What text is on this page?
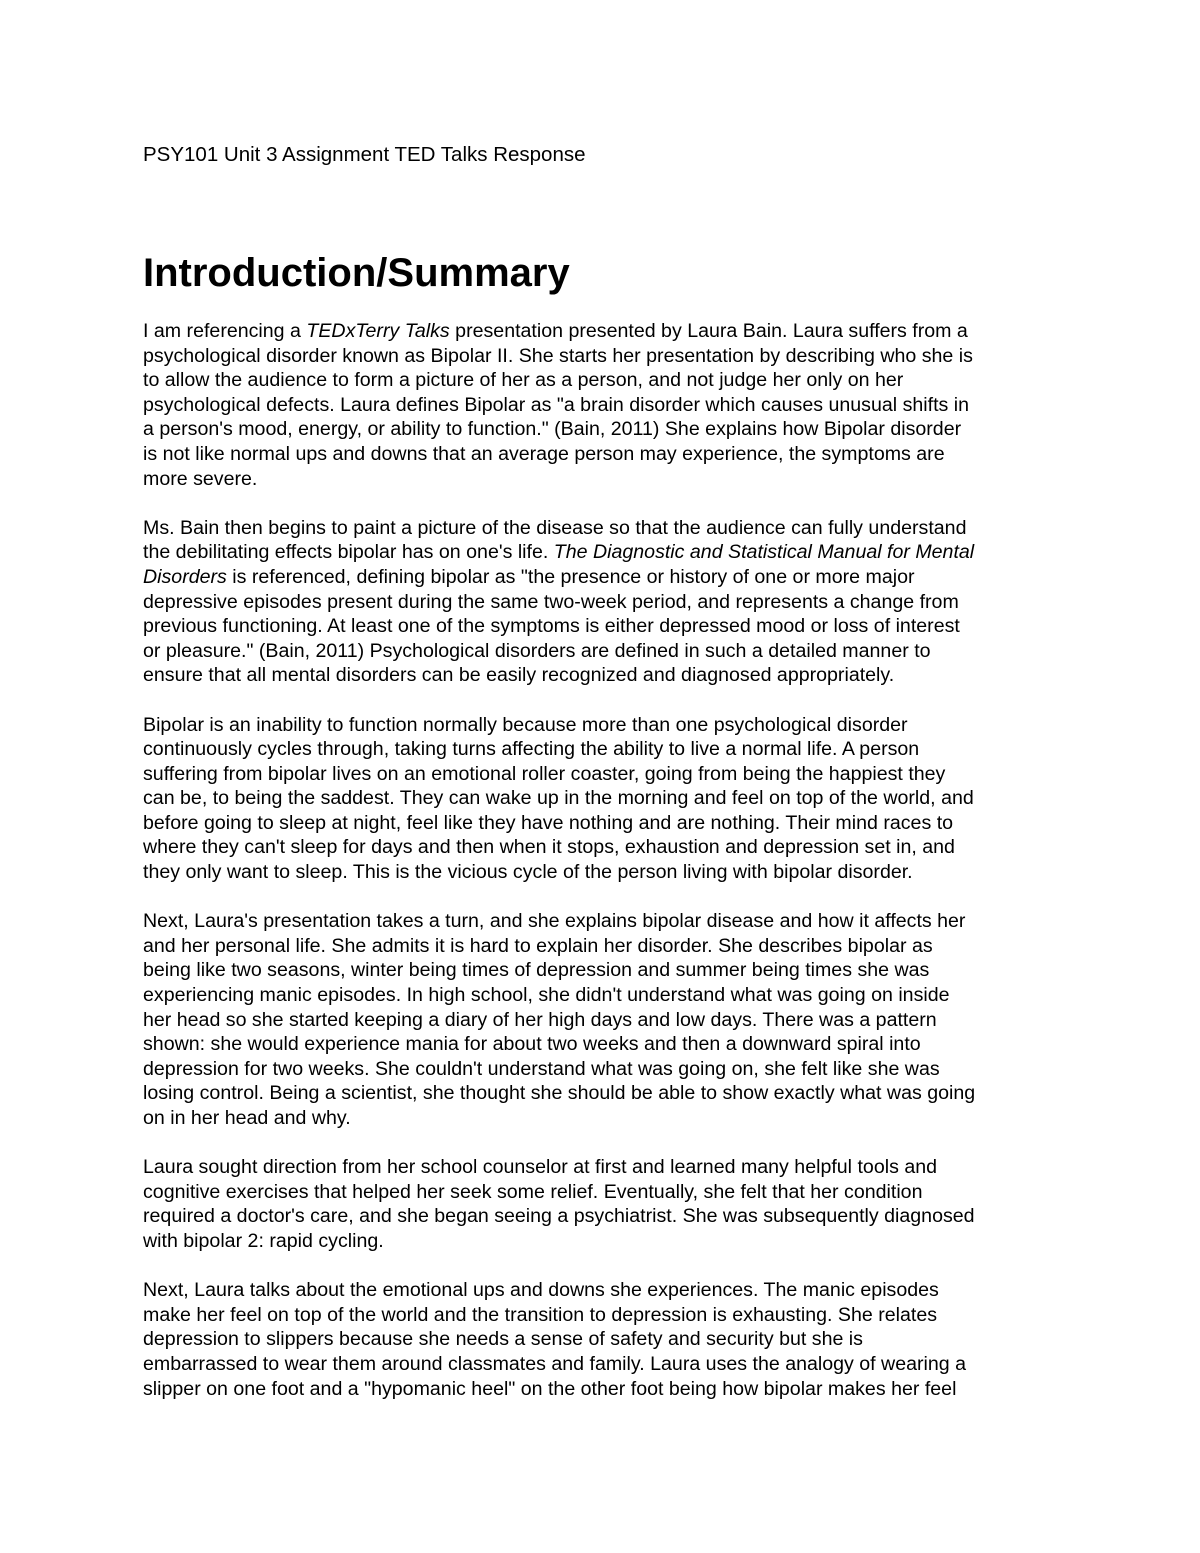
PSY101 Unit 3 Assignment TED Talks Response
Introduction/Summary

I am referencing a TEDxTerry Talks presentation presented by Laura Bain. Laura suffers from a
psychological disorder known as Bipolar II. She starts her presentation by describing who she is
to allow the audience to form a picture of her as a person, and not judge her only on her
psychological defects. Laura defines Bipolar as "a brain disorder which causes unusual shifts in
a person's mood, energy, or ability to function." (Bain, 2011) She explains how Bipolar disorder
is not like normal ups and downs that an average person may experience, the symptoms are
more severe.

Ms. Bain then begins to paint a picture of the disease so that the audience can fully understand
the debilitating effects bipolar has on one's life. The Diagnostic and Statistical Manual for Mental
Disorders is referenced, defining bipolar as "the presence or history of one or more major
depressive episodes present during the same two-week period, and represents a change from
previous functioning. At least one of the symptoms is either depressed mood or loss of interest
or pleasure." (Bain, 2011) Psychological disorders are defined in such a detailed manner to
ensure that all mental disorders can be easily recognized and diagnosed appropriately.

Bipolar is an inability to function normally because more than one psychological disorder
continuously cycles through, taking turns affecting the ability to live a normal life. A person
suffering from bipolar lives on an emotional roller coaster, going from being the happiest they
can be, to being the saddest. They can wake up in the morning and feel on top of the world, and
before going to sleep at night, feel like they have nothing and are nothing. Their mind races to
where they can't sleep for days and then when it stops, exhaustion and depression set in, and
they only want to sleep. This is the vicious cycle of the person living with bipolar disorder.

Next, Laura's presentation takes a turn, and she explains bipolar disease and how it affects her
and her personal life. She admits it is hard to explain her disorder. She describes bipolar as
being like two seasons, winter being times of depression and summer being times she was
experiencing manic episodes. In high school, she didn't understand what was going on inside
her head so she started keeping a diary of her high days and low days. There was a pattern
shown: she would experience mania for about two weeks and then a downward spiral into
depression for two weeks. She couldn't understand what was going on, she felt like she was
losing control. Being a scientist, she thought she should be able to show exactly what was going
on in her head and why.

Laura sought direction from her school counselor at first and learned many helpful tools and
cognitive exercises that helped her seek some relief. Eventually, she felt that her condition
required a doctor's care, and she began seeing a psychiatrist. She was subsequently diagnosed
with bipolar 2: rapid cycling.

Next, Laura talks about the emotional ups and downs she experiences. The manic episodes
make her feel on top of the world and the transition to depression is exhausting. She relates
depression to slippers because she needs a sense of safety and security but she is
embarrassed to wear them around classmates and family. Laura uses the analogy of wearing a
slipper on one foot and a "hypomanic heel" on the other foot being how bipolar makes her feel
